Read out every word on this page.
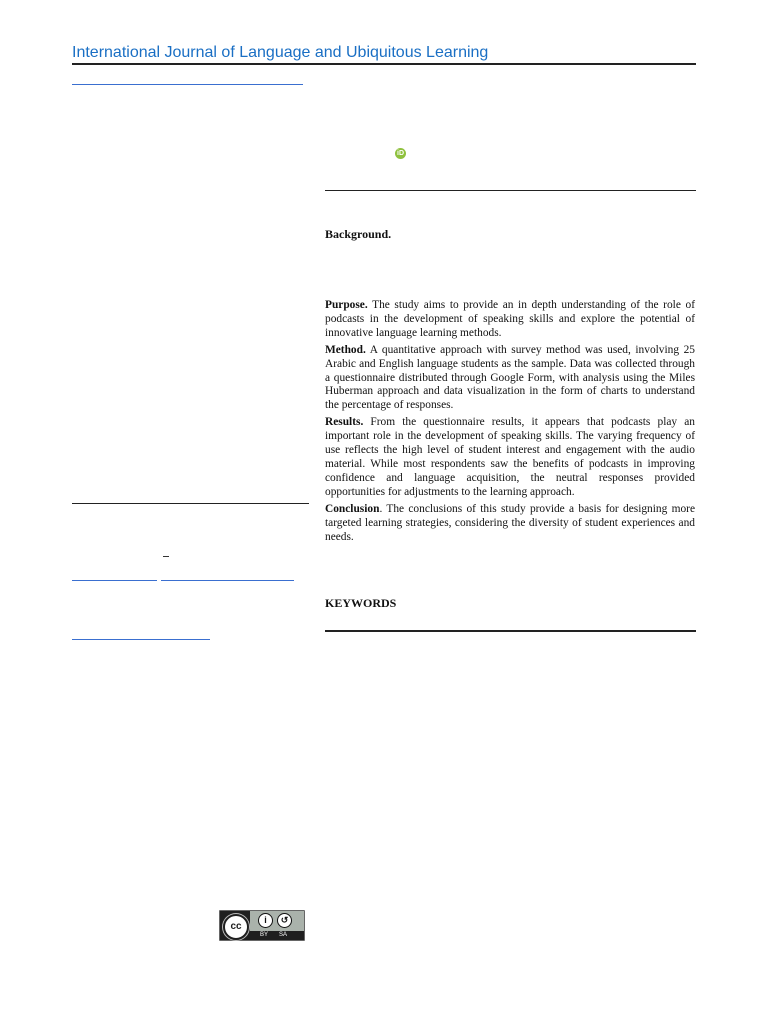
International Journal of Language and Ubiquitous Learning
iD
Background.

Purpose. The study aims to provide an in depth understanding of the role of podcasts in the development of speaking skills and explore the potential of innovative language learning methods.

Method. A quantitative approach with survey method was used, involving 25 Arabic and English language students as the sample. Data was collected through a questionnaire distributed through Google Form, with analysis using the Miles Huberman approach and data visualization in the form of charts to understand the percentage of responses.

Results. From the questionnaire results, it appears that podcasts play an important role in the development of speaking skills. The varying frequency of use reflects the high level of student interest and engagement with the audio material. While most respondents saw the benefits of podcasts in improving confidence and language acquisition, the neutral responses provided opportunities for adjustments to the learning approach.

Conclusion. The conclusions of this study provide a basis for designing more targeted learning strategies, considering the diversity of student experiences and needs.

KEYWORDS
cc
i	↺
BY SA
